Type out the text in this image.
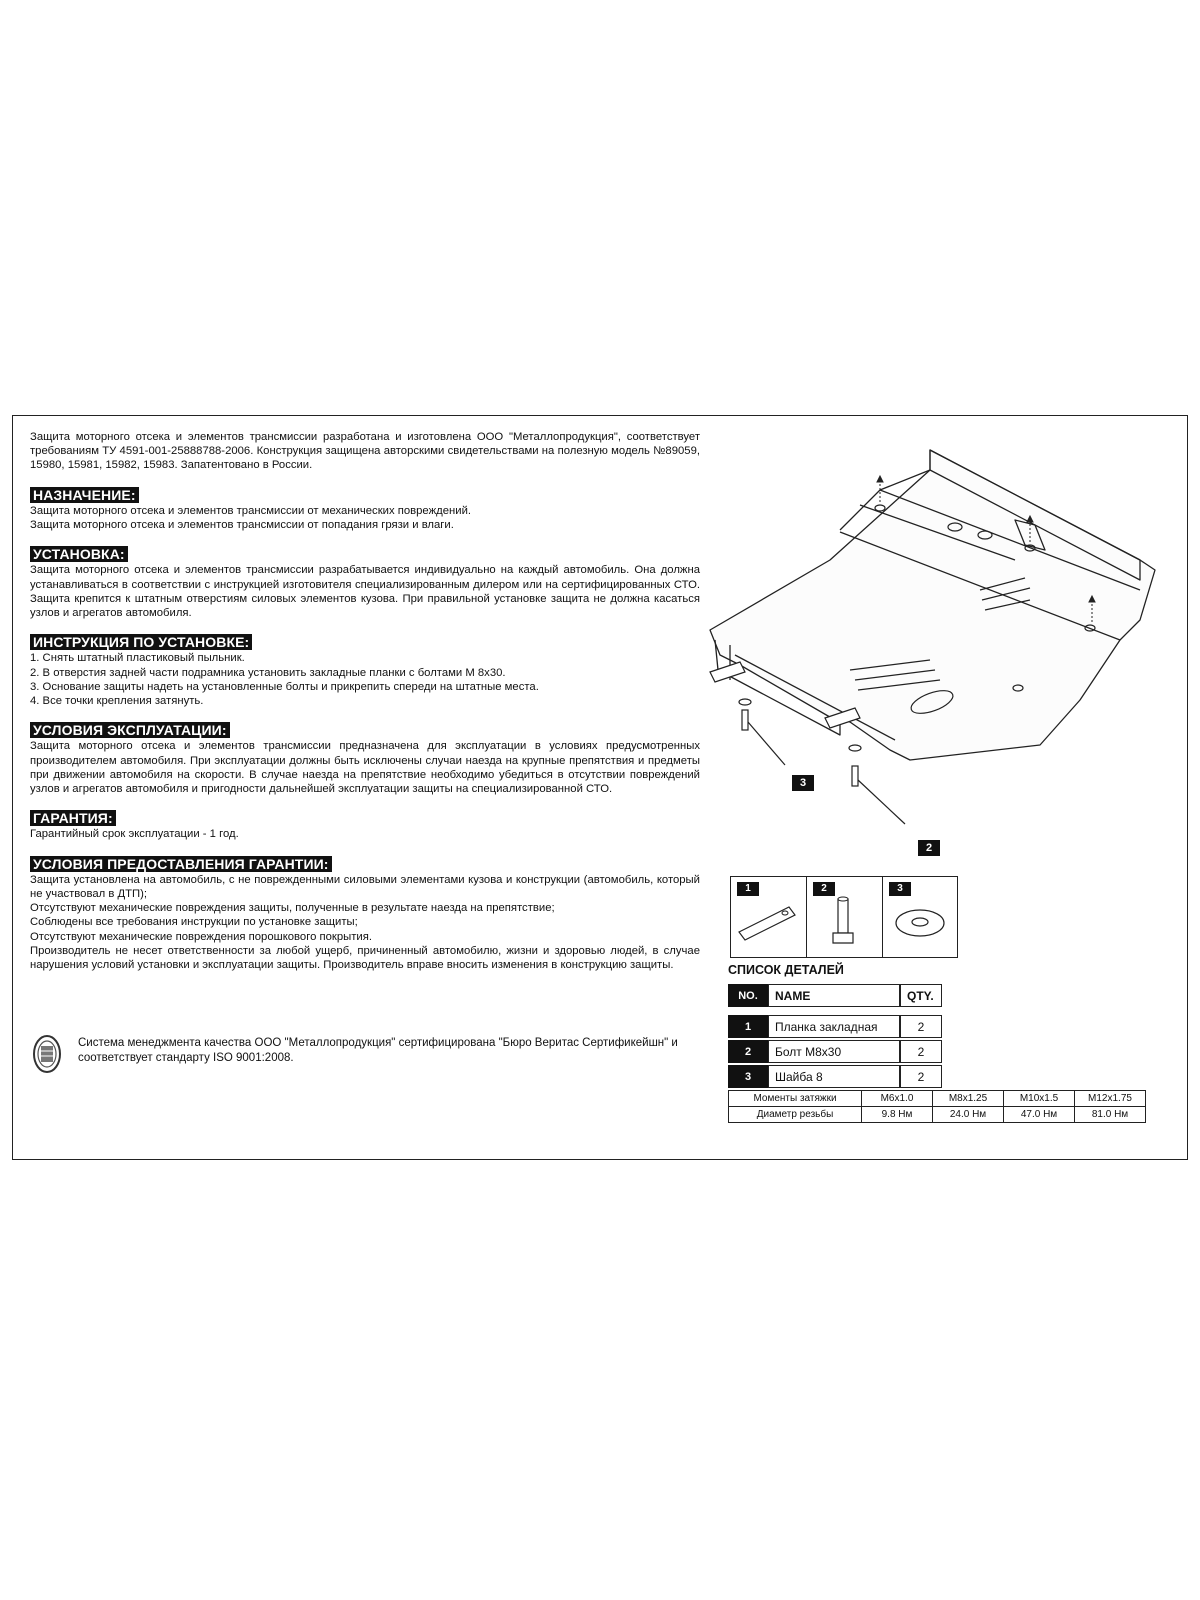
Защита моторного отсека и элементов трансмиссии разработана и изготовлена ООО "Металлопродукция", соответствует требованиям ТУ 4591-001-25888788-2006. Конструкция защищена авторскими свидетельствами на полезную модель №89059, 15980, 15981, 15982, 15983. Запатентовано в России.

НАЗНАЧЕНИЕ:
Защита моторного отсека и элементов трансмиссии от механических повреждений.
Защита моторного отсека и элементов трансмиссии от попадания грязи и влаги.
УСТАНОВКА:

Защита моторного отсека и элементов трансмиссии разрабатывается индивидуально на каждый автомобиль. Она должна устанавливаться в соответствии с инструкцией изготовителя специализированным дилером или на сертифицированных СТО. Защита крепится к штатным отверстиям силовых элементов кузова. При правильной установке защита не должна касаться узлов и агрегатов автомобиля.

ИНСТРУКЦИЯ ПО УСТАНОВКЕ:
1. Снять штатный пластиковый пыльник.
2. В отверстия задней части подрамника установить закладные планки с болтами М 8х30.
3. Основание защиты надеть на установленные болты и прикрепить спереди на штатные места.
4. Все точки крепления затянуть.
УСЛОВИЯ ЭКСПЛУАТАЦИИ:

Защита моторного отсека и элементов трансмиссии предназначена для эксплуатации в условиях предусмотренных производителем автомобиля. При эксплуатации должны быть исключены случаи наезда на крупные препятствия и предметы при движении автомобиля на скорости. В случае наезда на препятствие необходимо убедиться в отсутствии повреждений узлов и агрегатов автомобиля и пригодности дальнейшей эксплуатации защиты на специализированной СТО.

ГАРАНТИЯ:
Гарантийный срок эксплуатации - 1 год.
УСЛОВИЯ ПРЕДОСТАВЛЕНИЯ ГАРАНТИИ:

Защита установлена на автомобиль, с не поврежденными силовыми элементами кузова и конструкции (автомобиль, который не участвовал в ДТП);

Отсутствуют механические повреждения защиты, полученные в результате наезда на препятствие;
Соблюдены все требования инструкции по установке защиты;
Отсутствуют механические повреждения порошкового покрытия.

Производитель не несет ответственности за любой ущерб, причиненный автомобилю, жизни и здоровью людей, в случае нарушения условий установки и эксплуатации защиты. Производитель вправе вносить изменения в конструкцию защиты.

Система менеджмента качества ООО "Металлопродукция" сертифицирована "Бюро Веритас Сертификейшн" и соответствует стандарту ISO 9001:2008.
3
2
1	2	3
СПИСОК ДЕТАЛЕЙ
NO.	NAME	QTY.

1	Планка закладная	2
2	Болт М8х30	2
3	Шайба 8	2
Моменты затяжки	M6x1.0	M8x1.25	M10x1.5	M12x1.75
Диаметр резьбы	9.8 Нм	24.0 Нм	47.0 Нм	81.0 Нм
